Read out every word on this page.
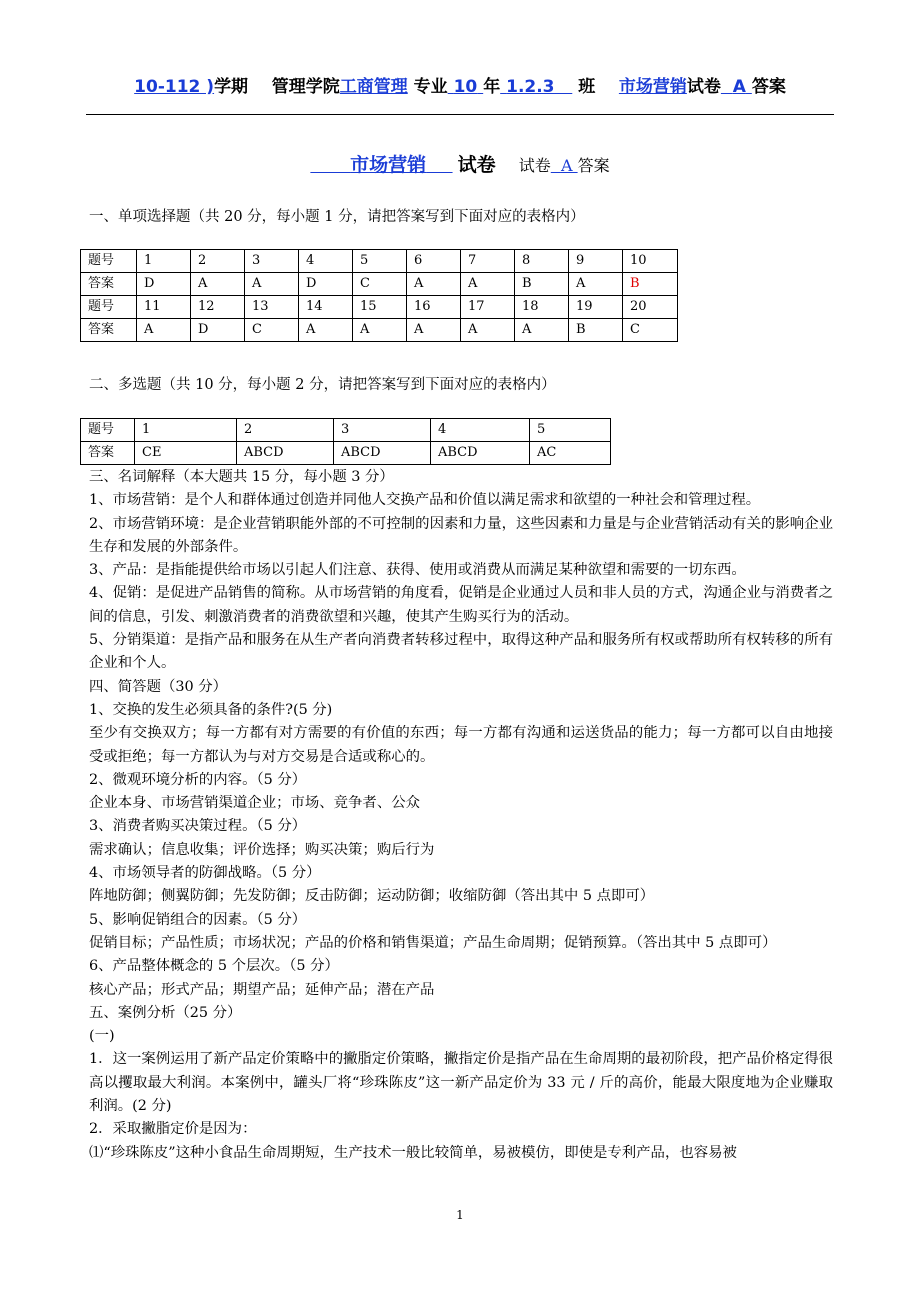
10-112 )学期 管理学院工商管理 专业 10 年 1.2.3 班 市场营销试卷 A 答案
市场营销 试卷 试卷 A 答案
一、单项选择题（共 20 分，每小题 1 分，请把答案写到下面对应的表格内）
题号	1	2	3	4	5	6	7	8	9	10
答案	D	A	A	D	C	A	A	B	A	B
题号	11	12	13	14	15	16	17	18	19	20
答案	A	D	C	A	A	A	A	A	B	C
二、多选题（共 10 分，每小题 2 分，请把答案写到下面对应的表格内）
题号	1	2	3	4	5
答案	CE	ABCD	ABCD	ABCD	AC

三、名词解释（本大题共 15 分，每小题 3 分）

1、市场营销：是个人和群体通过创造并同他人交换产品和价值以满足需求和欲望的一种社会和管理过程。

2、市场营销环境：是企业营销职能外部的不可控制的因素和力量，这些因素和力量是与企业营销活动有关的影响企业生存和发展的外部条件。

3、产品：是指能提供给市场以引起人们注意、获得、使用或消费从而满足某种欲望和需要的一切东西。

4、促销：是促进产品销售的简称。从市场营销的角度看，促销是企业通过人员和非人员的方式，沟通企业与消费者之间的信息，引发、刺激消费者的消费欲望和兴趣，使其产生购买行为的活动。

5、分销渠道：是指产品和服务在从生产者向消费者转移过程中，取得这种产品和服务所有权或帮助所有权转移的所有企业和个人。

四、简答题（30 分）

1、交换的发生必须具备的条件?(5 分)

至少有交换双方；每一方都有对方需要的有价值的东西；每一方都有沟通和运送货品的能力；每一方都可以自由地接受或拒绝；每一方都认为与对方交易是合适或称心的。

2、微观环境分析的内容。（5 分）

企业本身、市场营销渠道企业；市场、竞争者、公众

3、消费者购买决策过程。（5 分）

需求确认；信息收集；评价选择；购买决策；购后行为

4、市场领导者的防御战略。（5 分）

阵地防御；侧翼防御；先发防御；反击防御；运动防御；收缩防御（答出其中 5 点即可）

5、影响促销组合的因素。（5 分）

促销目标；产品性质；市场状况；产品的价格和销售渠道；产品生命周期；促销预算。（答出其中 5 点即可）

6、产品整体概念的 5 个层次。（5 分）

核心产品；形式产品；期望产品；延伸产品；潜在产品

五、案例分析（25 分）

(一)

1．这一案例运用了新产品定价策略中的撇脂定价策略，撇指定价是指产品在生命周期的最初阶段，把产品价格定得很高以攫取最大利润。本案例中，罐头厂将“珍珠陈皮”这一新产品定价为 33 元 / 斤的高价，能最大限度地为企业赚取利润。(2 分)

2．采取撇脂定价是因为：

⑴“珍珠陈皮”这种小食品生命周期短，生产技术一般比较简单，易被模仿，即使是专利产品，也容易被

1
